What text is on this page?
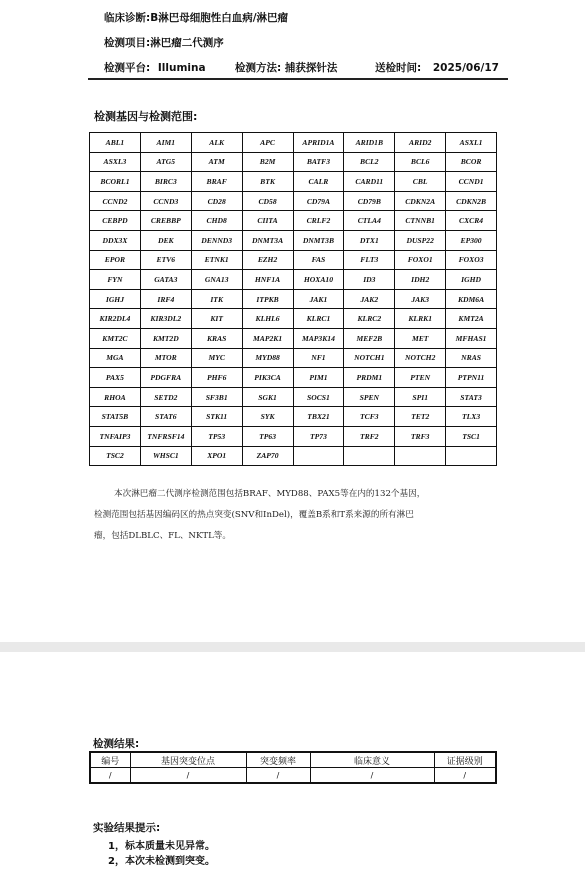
临床诊断:B淋巴母细胞性白血病/淋巴瘤
检测项目:淋巴瘤二代测序
检测平台: Illumina	检测方法: 捕获探针法	送检时间: 2025/06/17
检测基因与检测范围:
ABL1	AIM1	ALK	APC	APRID1A	ARID1B	ARID2	ASXL1
ASXL3	ATG5	ATM	B2M	BATF3	BCL2	BCL6	BCOR
BCORL1	BIRC3	BRAF	BTK	CALR	CARD11	CBL	CCND1
CCND2	CCND3	CD28	CD58	CD79A	CD79B	CDKN2A	CDKN2B
CEBPD	CREBBP	CHD8	CIITA	CRLF2	CTLA4	CTNNB1	CXCR4
DDX3X	DEK	DENND3	DNMT3A	DNMT3B	DTX1	DUSP22	EP300
EPOR	ETV6	ETNK1	EZH2	FAS	FLT3	FOXO1	FOXO3
FYN	GATA3	GNA13	HNF1A	HOXA10	ID3	IDH2	IGHD
IGHJ	IRF4	ITK	ITPKB	JAK1	JAK2	JAK3	KDM6A
KIR2DL4	KIR3DL2	KIT	KLHL6	KLRC1	KLRC2	KLRK1	KMT2A
KMT2C	KMT2D	KRAS	MAP2K1	MAP3K14	MEF2B	MET	MFHAS1
MGA	MTOR	MYC	MYD88	NF1	NOTCH1	NOTCH2	NRAS
PAX5	PDGFRA	PHF6	PIK3CA	PIM1	PRDM1	PTEN	PTPN11
RHOA	SETD2	SF3B1	SGK1	SOCS1	SPEN	SPI1	STAT3
STAT5B	STAT6	STK11	SYK	TBX21	TCF3	TET2	TLX3
TNFAIP3	TNFRSF14	TP53	TP63	TP73	TRF2	TRF3	TSC1
TSC2	WHSC1	XPO1	ZAP70				

本次淋巴瘤二代测序检测范围包括BRAF、MYD88、PAX5等在内的132个基因，

检测范围包括基因编码区的热点突变(SNV和InDel)，覆盖B系和T系来源的所有淋巴

瘤，包括DLBLC、FL、NKTL等。

检测结果:
编号	基因突变位点	突变频率	临床意义	证据级别
/	/	/	/	/
实验结果提示:
1，标本质量未见异常。
2，本次未检测到突变。
